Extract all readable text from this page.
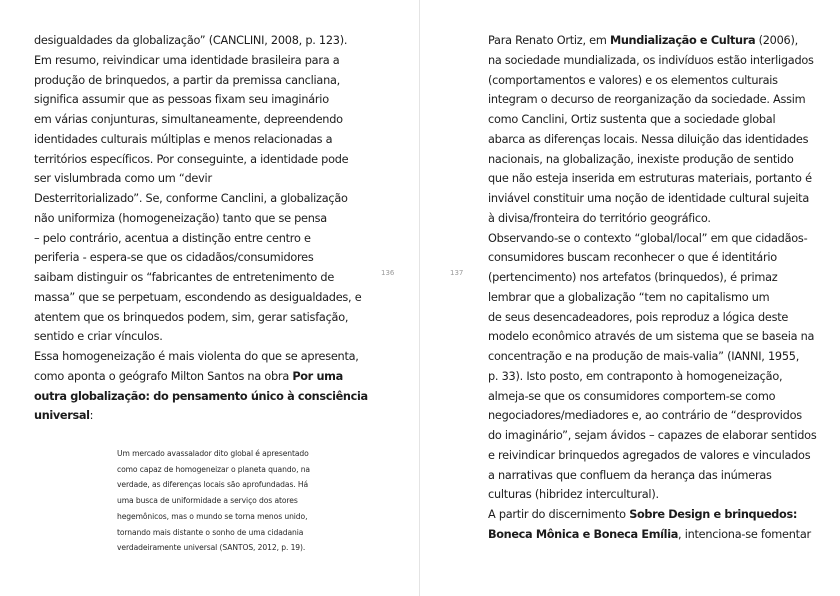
136	137
desigualdades da globalização” (CANCLINI, 2008, p. 123).
Em resumo, reivindicar uma identidade brasileira para a
produção de brinquedos, a partir da premissa cancliana,
significa assumir que as pessoas fixam seu imaginário
em várias conjunturas, simultaneamente, depreendendo
identidades culturais múltiplas e menos relacionadas a
territórios específicos. Por conseguinte, a identidade pode
ser vislumbrada como um “devir
Desterritorializado”. Se, conforme Canclini, a globalização
não uniformiza (homogeneização) tanto que se pensa
– pelo contrário, acentua a distinção entre centro e
periferia - espera-se que os cidadãos/consumidores
saibam distinguir os “fabricantes de entretenimento de
massa” que se perpetuam, escondendo as desigualdades, e
atentem que os brinquedos podem, sim, gerar satisfação,
sentido e criar vínculos.
Essa homogeneização é mais violenta do que se apresenta,
como aponta o geógrafo Milton Santos na obra Por uma
outra globalização: do pensamento único à consciência
universal:
Um mercado avassalador dito global é apresentado
como capaz de homogeneizar o planeta quando, na
verdade, as diferenças locais são aprofundadas. Há
uma busca de uniformidade a serviço dos atores
hegemônicos, mas o mundo se torna menos unido,
tornando mais distante o sonho de uma cidadania
verdadeiramente universal (SANTOS, 2012, p. 19).
Para Renato Ortiz, em Mundialização e Cultura (2006),
na sociedade mundializada, os indivíduos estão interligados
(comportamentos e valores) e os elementos culturais
integram o decurso de reorganização da sociedade. Assim
como Canclini, Ortiz sustenta que a sociedade global
abarca as diferenças locais. Nessa diluição das identidades
nacionais, na globalização, inexiste produção de sentido
que não esteja inserida em estruturas materiais, portanto é
inviável constituir uma noção de identidade cultural sujeita
à divisa/fronteira do território geográfico.
Observando-se o contexto “global/local” em que cidadãos-
consumidores buscam reconhecer o que é identitário
(pertencimento) nos artefatos (brinquedos), é primaz
lembrar que a globalização “tem no capitalismo um
de seus desencadeadores, pois reproduz a lógica deste
modelo econômico através de um sistema que se baseia na
concentração e na produção de mais-valia” (IANNI, 1955,
p. 33). Isto posto, em contraponto à homogeneização,
almeja-se que os consumidores comportem-se como
negociadores/mediadores e, ao contrário de “desprovidos
do imaginário”, sejam ávidos – capazes de elaborar sentidos
e reivindicar brinquedos agregados de valores e vinculados
a narrativas que confluem da herança das inúmeras
culturas (hibridez intercultural).
A partir do discernimento Sobre Design e brinquedos:
Boneca Mônica e Boneca Emília, intenciona-se fomentar
